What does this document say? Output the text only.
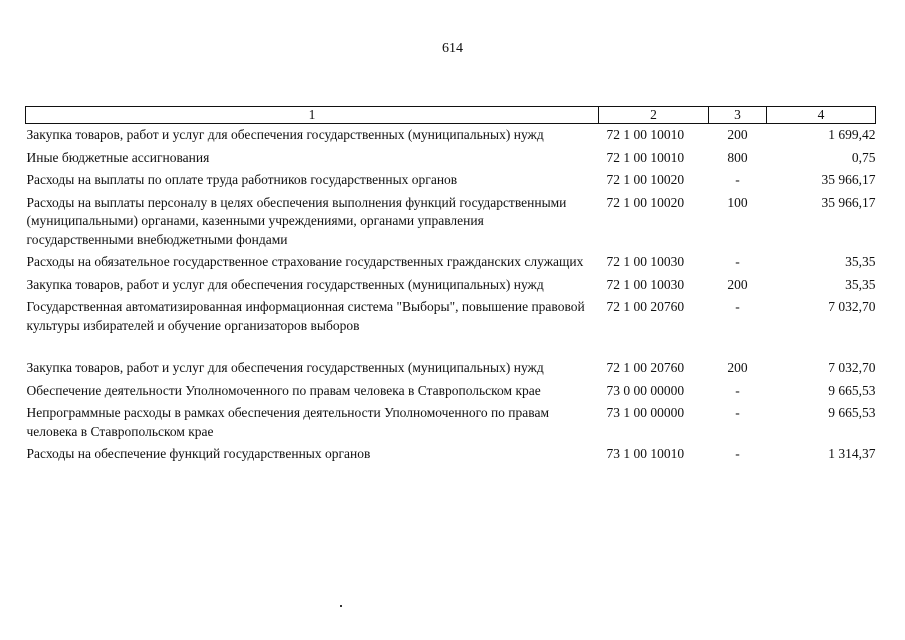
614
1	2	3	4
Закупка товаров, работ и услуг для обеспечения государственных (муниципальных) нужд	72 1 00 10010	200	1 699,42
Иные бюджетные ассигнования	72 1 00 10010	800	0,75
Расходы на выплаты по оплате труда работников государственных органов	72 1 00 10020	-	35 966,17
Расходы на выплаты персоналу в целях обеспечения выполнения функций государственными (муниципальными) органами, казенными учреждениями, органами управления государственными внебюджетными фондами	72 1 00 10020	100	35 966,17
Расходы на обязательное государственное страхование государственных гражданских служащих	72 1 00 10030	-	35,35
Закупка товаров, работ и услуг для обеспечения государственных (муниципальных) нужд	72 1 00 10030	200	35,35
Государственная автоматизированная информационная система "Выборы", повышение правовой культуры избирателей и обучение организаторов выборов	72 1 00 20760	-	7 032,70
Закупка товаров, работ и услуг для обеспечения государственных (муниципальных) нужд	72 1 00 20760	200	7 032,70
Обеспечение деятельности Уполномоченного по правам человека в Ставропольском крае	73 0 00 00000	-	9 665,53
Непрограммные расходы в рамках обеспечения деятельности Уполномоченного по правам человека в Ставропольском крае	73 1 00 00000	-	9 665,53
Расходы на обеспечение функций государственных органов	73 1 00 10010	-	1 314,37
